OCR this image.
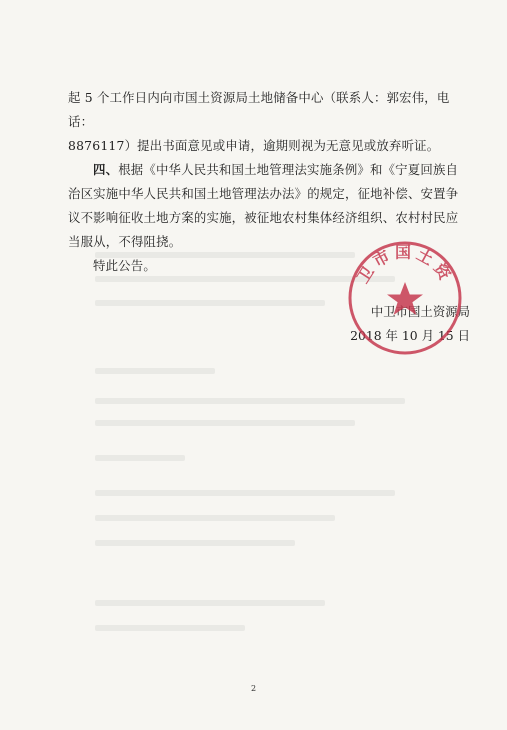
起 5 个工作日内向市国土资源局土地储备中心（联系人：郭宏伟，电话：
8876117）提出书面意见或申请，逾期则视为无意见或放弃听证。

四、根据《中华人民共和国土地管理法实施条例》和《宁夏回族自治区实施中华人民共和国土地管理法办法》的规定，征地补偿、安置争议不影响征收土地方案的实施，被征地农村集体经济组织、农村村民应当服从，不得阻挠。

特此公告。

中卫市国土资源局
2018 年 10 月 15 日
卫市国土资
2
